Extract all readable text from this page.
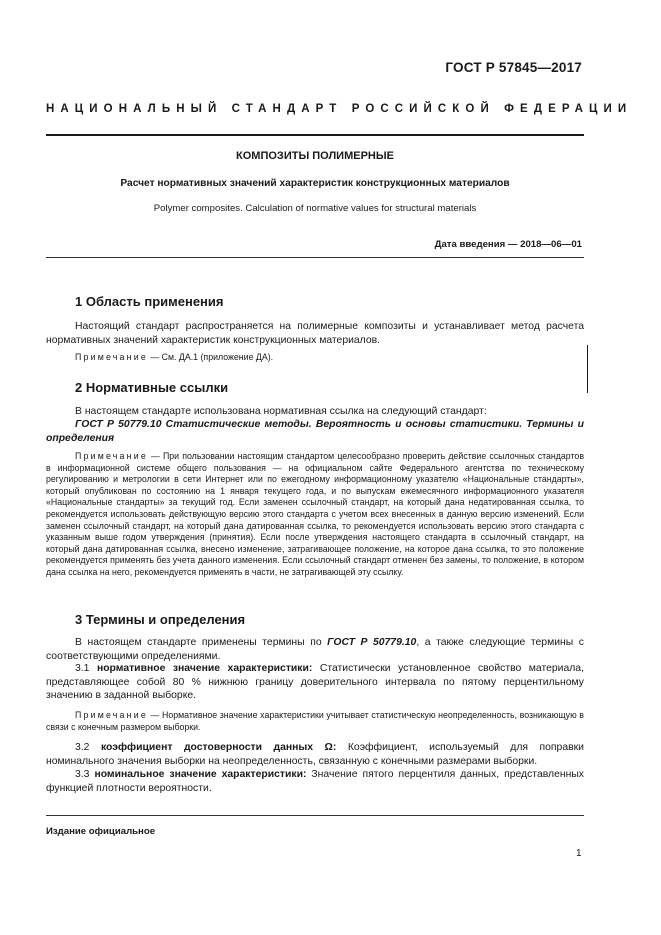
ГОСТ Р 57845—2017
НАЦИОНАЛЬНЫЙ СТАНДАРТ РОССИЙСКОЙ ФЕДЕРАЦИИ
КОМПОЗИТЫ ПОЛИМЕРНЫЕ
Расчет нормативных значений характеристик конструкционных материалов
Polymer composites. Calculation of normative values for structural materials
Дата введения — 2018—06—01
1 Область применения
Настоящий стандарт распространяется на полимерные композиты и устанавливает метод расчета нормативных значений характеристик конструкционных материалов.
Примечание — См. ДА.1 (приложение ДА).
2 Нормативные ссылки
В настоящем стандарте использована нормативная ссылка на следующий стандарт:
ГОСТ Р 50779.10 Статистические методы. Вероятность и основы статистики. Термины и определения
Примечание — При пользовании настоящим стандартом целесообразно проверить действие ссылочных стандартов в информационной системе общего пользования — на официальном сайте Федерального агентства по техническому регулированию и метрологии в сети Интернет или по ежегодному информационному указателю «Национальные стандарты», который опубликован по состоянию на 1 января текущего года, и по выпускам ежемесячного информационного указателя «Национальные стандарты» за текущий год. Если заменен ссылочный стандарт, на который дана недатированная ссылка, то рекомендуется использовать действующую версию этого стандарта с учетом всех внесенных в данную версию изменений. Если заменен ссылочный стандарт, на который дана датированная ссылка, то рекомендуется использовать версию этого стандарта с указанным выше годом утверждения (принятия). Если после утверждения настоящего стандарта в ссылочный стандарт, на который дана датированная ссылка, внесено изменение, затрагивающее положение, на которое дана ссылка, то это положение рекомендуется применять без учета данного изменения. Если ссылочный стандарт отменен без замены, то положение, в котором дана ссылка на него, рекомендуется применять в части, не затрагивающей эту ссылку.
3 Термины и определения
В настоящем стандарте применены термины по ГОСТ Р 50779.10, а также следующие термины с соответствующими определениями.
3.1 нормативное значение характеристики: Статистически установленное свойство материала, представляющее собой 80 % нижнюю границу доверительного интервала по пятому перцентильному значению в заданной выборке.
Примечание — Нормативное значение характеристики учитывает статистическую неопределенность, возникающую в связи с конечным размером выборки.
3.2 коэффициент достоверности данных Ω: Коэффициент, используемый для поправки номинального значения выборки на неопределенность, связанную с конечными размерами выборки.
3.3 номинальное значение характеристики: Значение пятого перцентиля данных, представленных функцией плотности вероятности.
Издание официальное
1
